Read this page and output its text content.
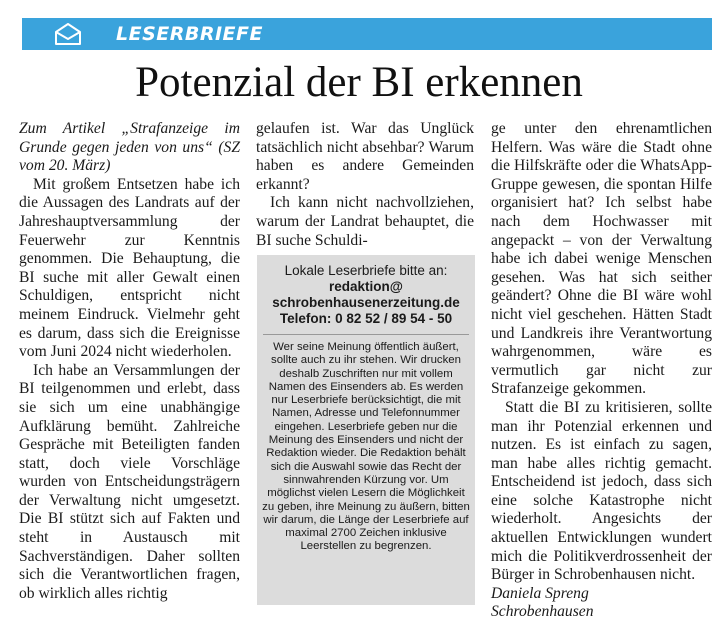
LESERBRIEFE
Potenzial der BI erkennen

Zum Artikel „Strafanzeige im Grunde gegen jeden von uns“ (SZ vom 20. März)

Mit großem Entsetzen habe ich die Aussagen des Landrats auf der Jahreshauptversammlung der Feuerwehr zur Kenntnis genommen. Die Behauptung, die BI suche mit aller Gewalt einen Schuldigen, entspricht nicht meinem Eindruck. Vielmehr geht es darum, dass sich die Ereignisse vom Juni 2024 nicht wiederholen.

Ich habe an Versammlungen der BI teilgenommen und erlebt, dass sie sich um eine unabhängige Aufklärung bemüht. Zahlreiche Gespräche mit Beteiligten fanden statt, doch viele Vorschläge wurden von Entscheidungsträgern der Verwaltung nicht umgesetzt. Die BI stützt sich auf Fakten und steht in Austausch mit Sachverständigen. Daher sollten sich die Verantwortlichen fragen, ob wirklich alles richtig

gelaufen ist. War das Unglück tatsächlich nicht absehbar? Warum haben es andere Gemeinden erkannt?

Ich kann nicht nachvollziehen, warum der Landrat behauptet, die BI suche Schuldi-

Lokale Leserbriefe bitte an:
redaktion@ schrobenhausenerzeitung.de
Telefon: 0 82 52 / 89 54 - 50
Wer seine Meinung öffentlich äußert, sollte auch zu ihr stehen. Wir drucken deshalb Zuschriften nur mit vollem Namen des Einsenders ab. Es werden nur Leserbriefe berücksichtigt, die mit Namen, Adresse und Telefonnummer eingehen. Leserbriefe geben nur die Meinung des Einsenders und nicht der Redaktion wieder. Die Redaktion behält sich die Auswahl sowie das Recht der sinnwahrenden Kürzung vor. Um möglichst vielen Lesern die Möglichkeit zu geben, ihre Meinung zu äußern, bitten wir darum, die Länge der Leserbriefe auf maximal 2700 Zeichen inklusive Leerstellen zu begrenzen.

ge unter den ehrenamtlichen Helfern. Was wäre die Stadt ohne die Hilfskräfte oder die WhatsApp-Gruppe gewesen, die spontan Hilfe organisiert hat? Ich selbst habe nach dem Hochwasser mit angepackt – von der Verwaltung habe ich dabei wenige Menschen gesehen. Was hat sich seither geändert? Ohne die BI wäre wohl nicht viel geschehen. Hätten Stadt und Landkreis ihre Verantwortung wahrgenommen, wäre es vermutlich gar nicht zur Strafanzeige gekommen.

Statt die BI zu kritisieren, sollte man ihr Potenzial erkennen und nutzen. Es ist einfach zu sagen, man habe alles richtig gemacht. Entscheidend ist jedoch, dass sich eine solche Katastrophe nicht wiederholt. Angesichts der aktuellen Entwicklungen wundert mich die Politikverdrossenheit der Bürger in Schrobenhausen nicht.

Daniela Spreng

Schrobenhausen
